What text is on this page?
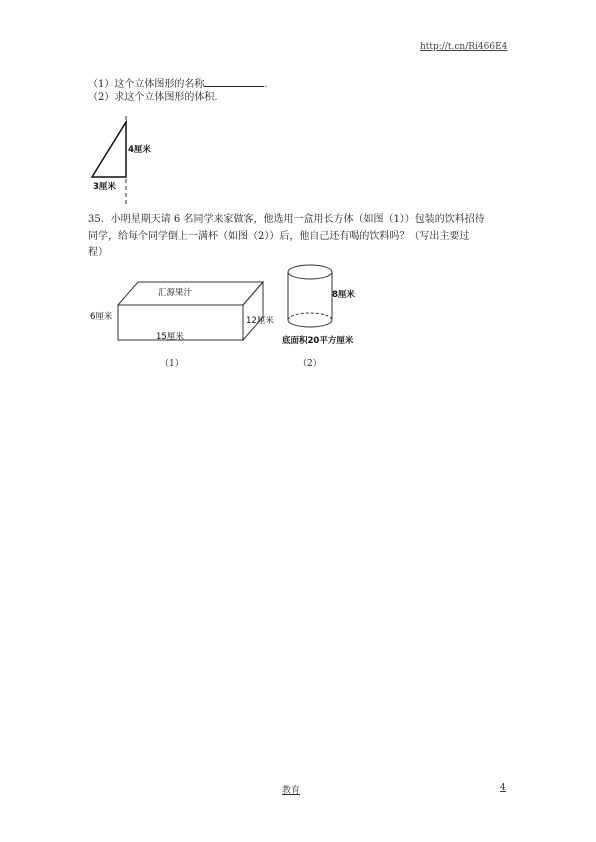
http://t.cn/Ri466E4
（1）这个立体图形的名称	.
（2）求这个立体图形的体积.
4厘米
3厘米
35．小明星期天请 6 名同学来家做客，他选用一盒用长方体（如图（1））包装的饮料招待
同学，给每个同学倒上一满杯（如图（2））后，他自己还有喝的饮料吗？（写出主要过
程）
汇源果汁
6厘米
15厘米
12厘米
（1）
8厘米
底面积20平方厘米
（2）
教育	4
